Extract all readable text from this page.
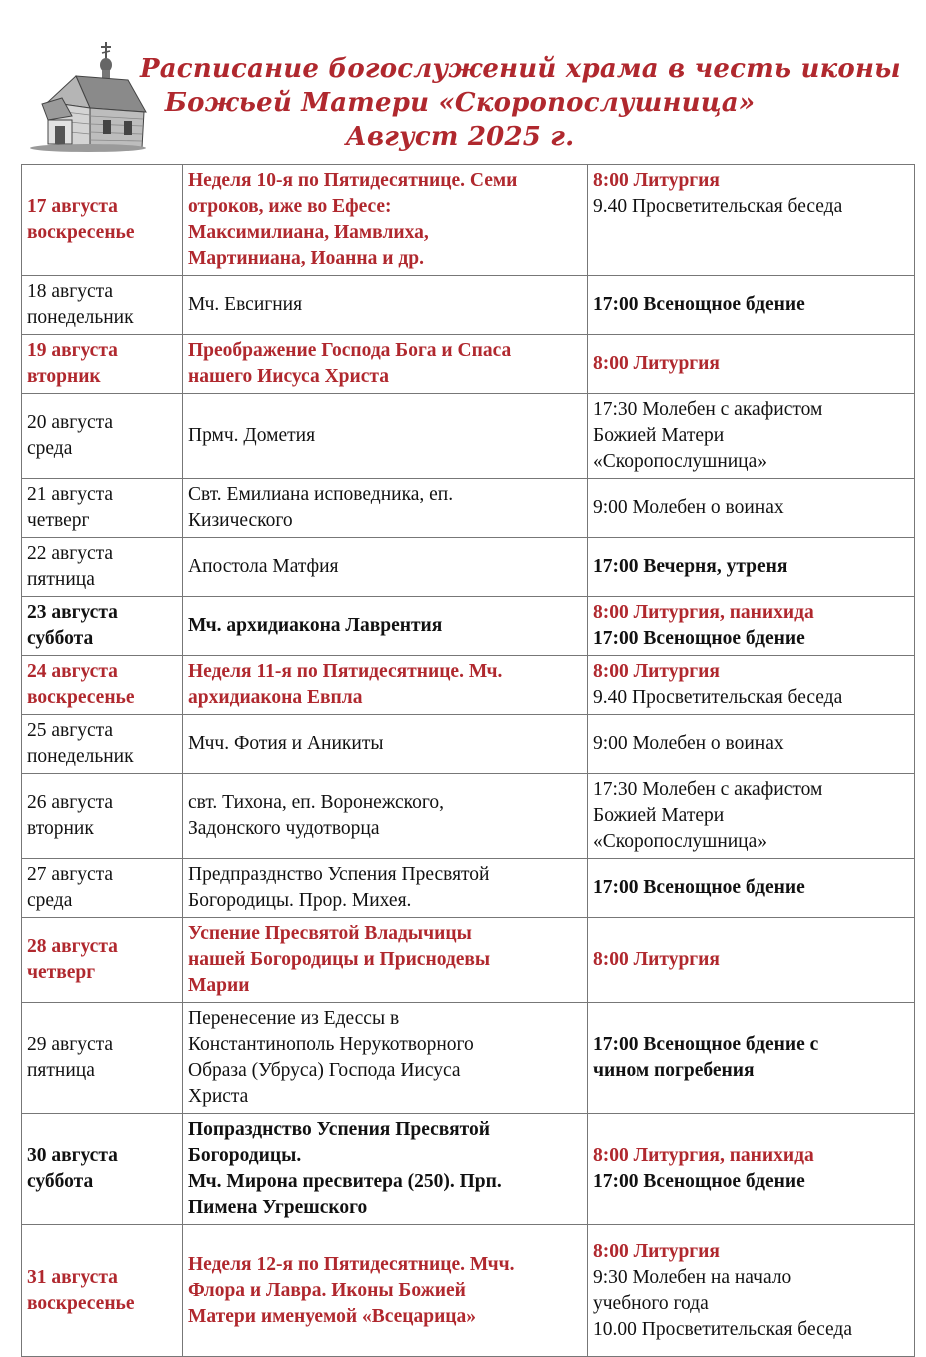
Расписание богослужений храма в честь иконы
Божьей Матери «Скоропослушница»
Август 2025 г.
17 августа
воскресенье	Неделя 10-я по Пятидесятнице. Семи
отроков, иже во Ефесе:
Максимилиана, Иамвлиха,
Мартиниана, Иоанна и др.	8:00 Литургия
9.40 Просветительская беседа

18 августа
понедельник	Мч. Евсигния	17:00 Всенощное бдение

19 августа
вторник	Преображение Господа Бога и Спаса
нашего Иисуса Христа	8:00 Литургия

20 августа
среда	Прмч. Дометия	17:30 Молебен с акафистом
Божией Матери
«Скоропослушница»

21 августа
четверг	Свт. Емилиана исповедника, еп.
Кизического	9:00 Молебен о воинах

22 августа
пятница	Апостола Матфия	17:00 Вечерня, утреня

23 августа
суббота	Мч. архидиакона Лаврентия	8:00 Литургия, панихида
17:00 Всенощное бдение

24 августа
воскресенье	Неделя 11-я по Пятидесятнице. Мч.
архидиакона Евпла	8:00 Литургия
9.40 Просветительская беседа

25 августа
понедельник	Мчч. Фотия и Аникиты	9:00 Молебен о воинах

26 августа
вторник	свт. Тихона, еп. Воронежского,
Задонского чудотворца	17:30 Молебен с акафистом
Божией Матери
«Скоропослушница»

27 августа
среда	Предпразднство Успения Пресвятой
Богородицы. Прор. Михея.	17:00 Всенощное бдение

28 августа
четверг	Успение Пресвятой Владычицы
нашей Богородицы и Приснодевы
Марии	8:00 Литургия

29 августа
пятница	Перенесение из Едессы в
Константинополь Нерукотворного
Образа (Убруса) Господа Иисуса
Христа	17:00 Всенощное бдение с
чином погребения

30 августа
суббота	Попразднство Успения Пресвятой
Богородицы.
Мч. Мирона пресвитера (250). Прп.
Пимена Угрешского	8:00 Литургия, панихида
17:00 Всенощное бдение

31 августа
воскресенье	Неделя 12-я по Пятидесятнице. Мчч.
Флора и Лавра. Иконы Божией
Матери именуемой «Всецарица»	8:00 Литургия
9:30 Молебен на начало
учебного года
10.00 Просветительская беседа
